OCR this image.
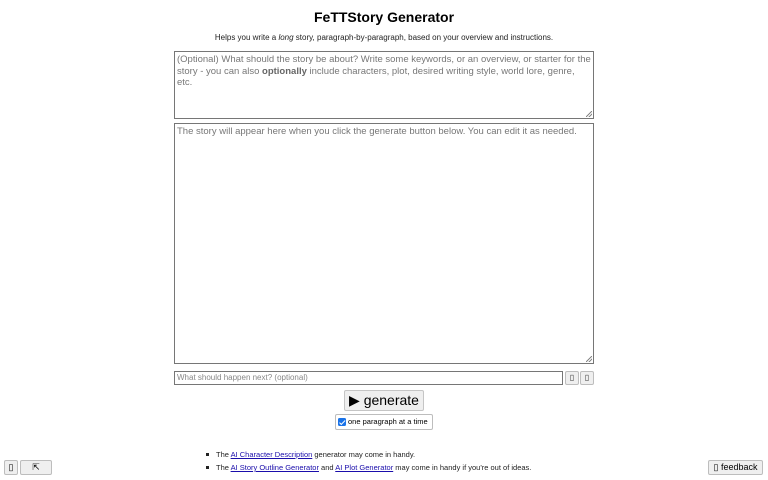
FeTTStory Generator
Helps you write a long story, paragraph-by-paragraph, based on your overview and instructions.
(Optional) What should the story be about? Write some keywords, or an overview, or starter for the story - you can also optionally include characters, plot, desired writing style, world lore, genre, etc.
The story will appear here when you click the generate button below. You can edit it as needed.
What should happen next? (optional)	▯	▯
▶ generate
one paragraph at a time
The AI Character Description generator may come in handy.
The AI Story Outline Generator and AI Plot Generator may come in handy if you're out of ideas.
▯	⇱	▯ feedback
